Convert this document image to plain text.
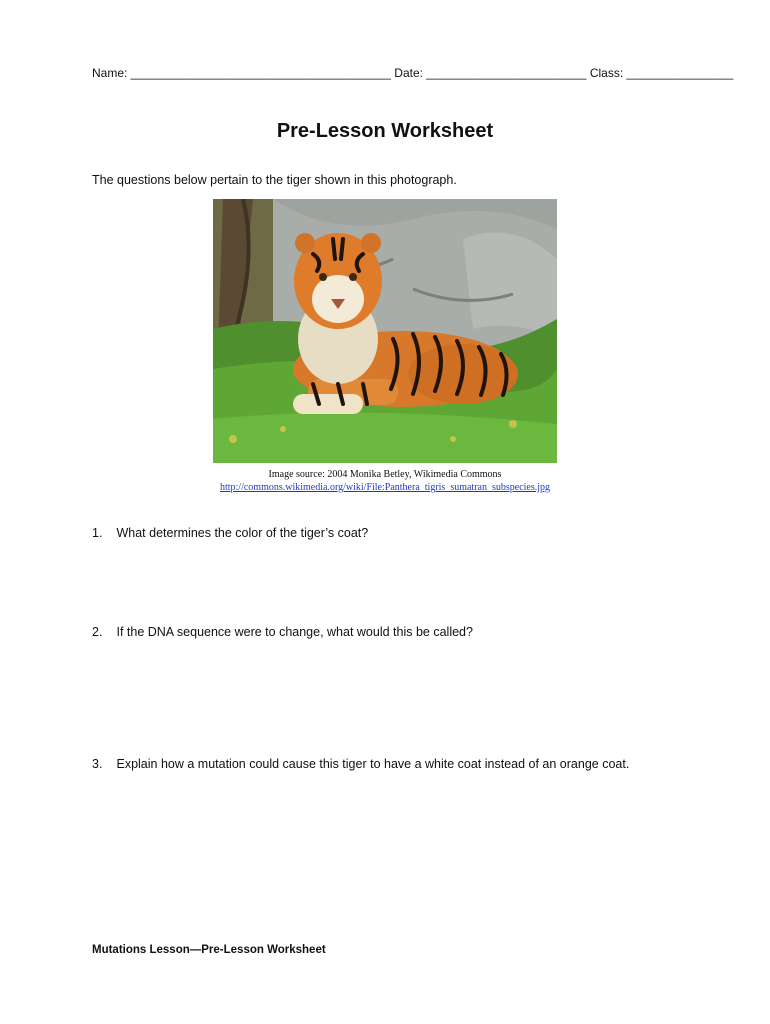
Name: _______________________________________ Date: ________________________ Class: ________________
Pre-Lesson Worksheet
The questions below pertain to the tiger shown in this photograph.
Image source: 2004 Monika Betley, Wikimedia Commons
http://commons.wikimedia.org/wiki/File:Panthera_tigris_sumatran_subspecies.jpg
1. What determines the color of the tiger’s coat?
2. If the DNA sequence were to change, what would this be called?
3. Explain how a mutation could cause this tiger to have a white coat instead of an orange coat.
Mutations Lesson—Pre-Lesson Worksheet
